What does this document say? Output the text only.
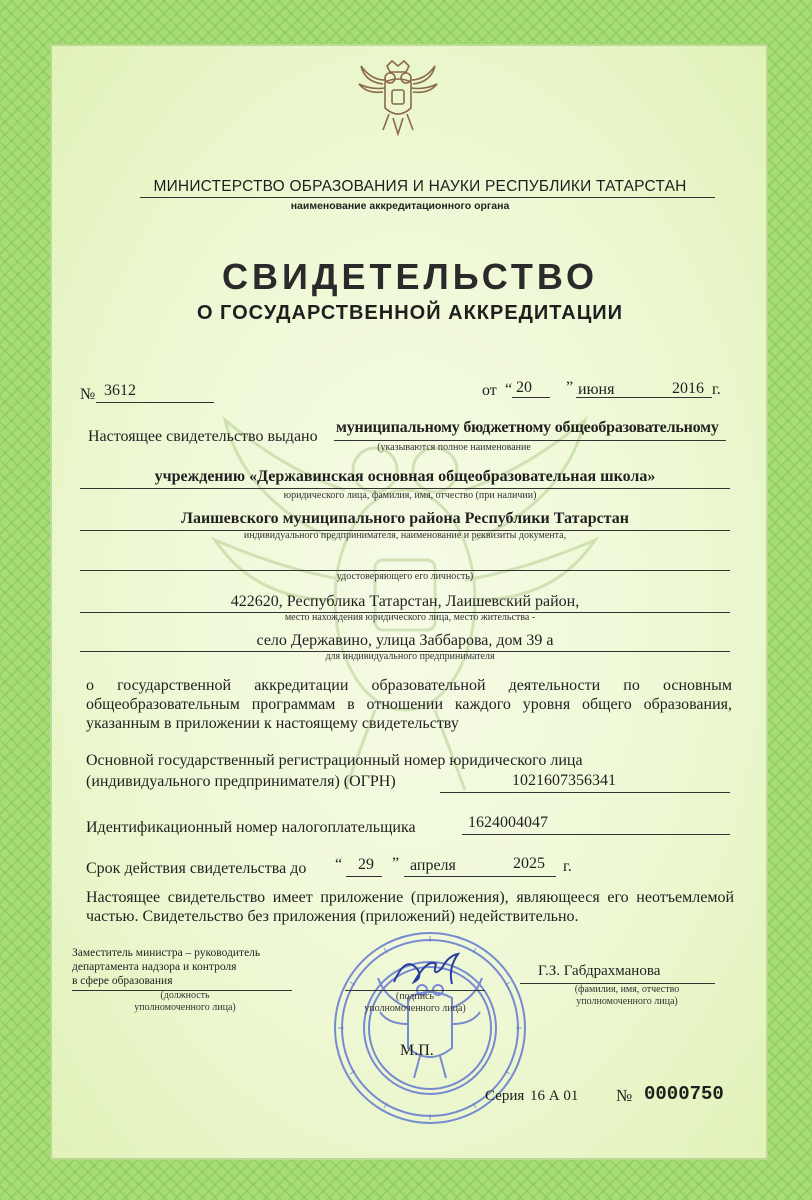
МИНИСТЕРСТВО ОБРАЗОВАНИЯ И НАУКИ РЕСПУБЛИКИ ТАТАРСТАН
наименование аккредитационного органа
СВИДЕТЕЛЬСТВО
О ГОСУДАРСТВЕННОЙ АККРЕДИТАЦИИ
№ 3612	от “ 20 ” июня	2016 г.
Настоящее свидетельство выдано
муниципальному бюджетному общеобразовательному
(указываются полное наименование
учреждению «Державинская основная общеобразовательная школа»
юридического лица, фамилия, имя, отчество (при наличии)
Лаишевского муниципального района Республики Татарстан
индивидуального предпринимателя, наименование и реквизиты документа,
удостоверяющего его личность)
422620, Республика Татарстан, Лаишевский район,
место нахождения юридического лица, место жительства -
село Державино, улица Заббарова, дом 39 а
для индивидуального предпринимателя
о государственной аккредитации образовательной деятельности по основным общеобразовательным программам в отношении каждого уровня общего образования, указанным в приложении к настоящему свидетельству
Основной государственный регистрационный номер юридического лица
(индивидуального предпринимателя) (ОГРН)	1021607356341
Идентификационный номер налогоплательщика	1624004047
Срок действия свидетельства до “ 29 ” апреля	2025 г.
Настоящее свидетельство имеет приложение (приложения), являющееся его неотъемлемой частью. Свидетельство без приложения (приложений) недействительно.
Заместитель министра – руководитель
департамента надзора и контроля
в сфере образования
(должность
уполномоченного лица)
(подпись
уполномоченного лица)
Г.З. Габдрахманова
(фамилия, имя, отчество
уполномоченного лица)
М.П.
Серия 16 А 01 № 0000750
